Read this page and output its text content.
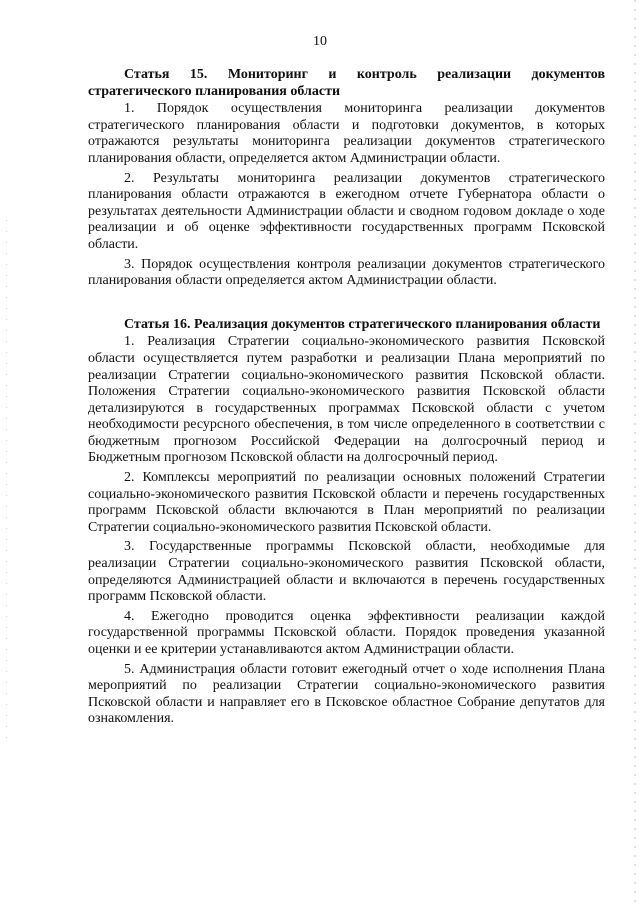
10

Статья 15. Мониторинг и контроль реализации документов стратегического планирования области

1. Порядок осуществления мониторинга реализации документов стратегического планирования области и подготовки документов, в которых отражаются результаты мониторинга реализации документов стратегического планирования области, определяется актом Администрации области.

2. Результаты мониторинга реализации документов стратегического планирования области отражаются в ежегодном отчете Губернатора области о результатах деятельности Администрации области и сводном годовом докладе о ходе реализации и об оценке эффективности государственных программ Псковской области.

3. Порядок осуществления контроля реализации документов стратегического планирования области определяется актом Администрации области.

Статья 16. Реализация документов стратегического планирования области

1. Реализация Стратегии социально-экономического развития Псковской области осуществляется путем разработки и реализации Плана мероприятий по реализации Стратегии социально-экономического развития Псковской области. Положения Стратегии социально-экономического развития Псковской области детализируются в государственных программах Псковской области с учетом необходимости ресурсного обеспечения, в том числе определенного в соответствии с бюджетным прогнозом Российской Федерации на долгосрочный период и Бюджетным прогнозом Псковской области на долгосрочный период.

2. Комплексы мероприятий по реализации основных положений Стратегии социально-экономического развития Псковской области и перечень государственных программ Псковской области включаются в План мероприятий по реализации Стратегии социально-экономического развития Псковской области.

3. Государственные программы Псковской области, необходимые для реализации Стратегии социально-экономического развития Псковской области, определяются Администрацией области и включаются в перечень государственных программ Псковской области.

4. Ежегодно проводится оценка эффективности реализации каждой государственной программы Псковской области. Порядок проведения указанной оценки и ее критерии устанавливаются актом Администрации области.

5. Администрация области готовит ежегодный отчет о ходе исполнения Плана мероприятий по реализации Стратегии социально-экономического развития Псковской области и направляет его в Псковское областное Собрание депутатов для ознакомления.
